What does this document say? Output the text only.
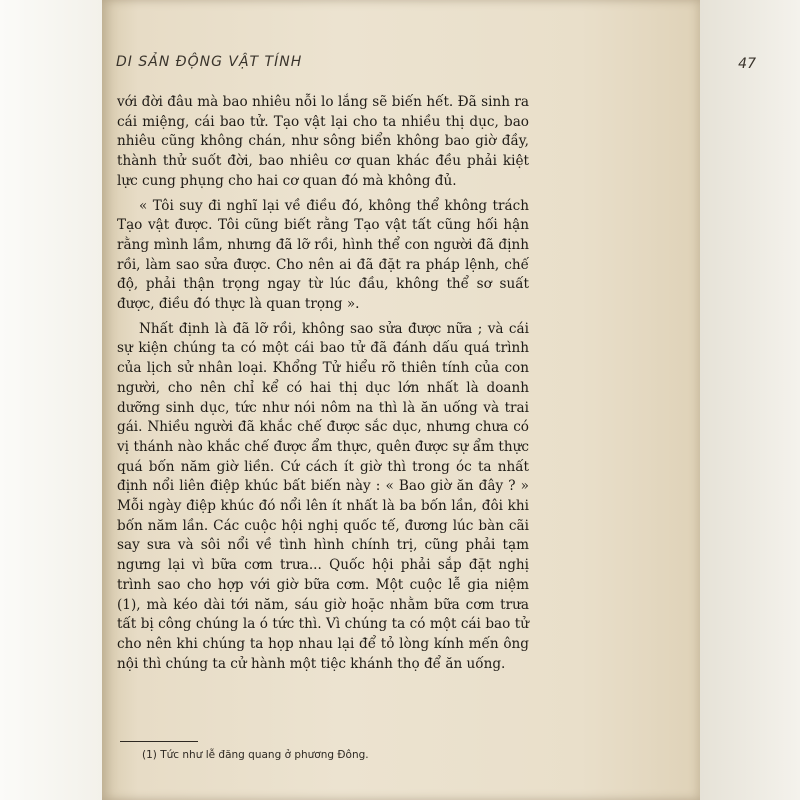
DI SẢN ĐỘNG VẬT TÍNH	47

với đời đâu mà bao nhiêu nỗi lo lắng sẽ biến hết. Đã sinh ra cái miệng, cái bao tử. Tạo vật lại cho ta nhiều thị dục, bao nhiêu cũng không chán, như sông biển không bao giờ đầy, thành thử suốt đời, bao nhiêu cơ quan khác đều phải kiệt lực cung phụng cho hai cơ quan đó mà không đủ.

« Tôi suy đi nghĩ lại về điều đó, không thể không trách Tạo vật được. Tôi cũng biết rằng Tạo vật tất cũng hối hận rằng mình lầm, nhưng đã lỡ rồi, hình thể con người đã định rồi, làm sao sửa được. Cho nên ai đã đặt ra pháp lệnh, chế độ, phải thận trọng ngay từ lúc đầu, không thể sơ suất được, điều đó thực là quan trọng ».

Nhất định là đã lỡ rồi, không sao sửa được nữa ; và cái sự kiện chúng ta có một cái bao tử đã đánh dấu quá trình của lịch sử nhân loại. Khổng Tử hiểu rõ thiên tính của con người, cho nên chỉ kể có hai thị dục lớn nhất là doanh dưỡng sinh dục, tức như nói nôm na thì là ăn uống và trai gái. Nhiều người đã khắc chế được sắc dục, nhưng chưa có vị thánh nào khắc chế được ẩm thực, quên được sự ẩm thực quá bốn năm giờ liền. Cứ cách ít giờ thì trong óc ta nhất định nổi liên điệp khúc bất biến này : « Bao giờ ăn đây ? » Mỗi ngày điệp khúc đó nổi lên ít nhất là ba bốn lần, đôi khi bốn năm lần. Các cuộc hội nghị quốc tế, đương lúc bàn cãi say sưa và sôi nổi về tình hình chính trị, cũng phải tạm ngưng lại vì bữa cơm trưa... Quốc hội phải sắp đặt nghị trình sao cho hợp với giờ bữa cơm. Một cuộc lễ gia niệm (1), mà kéo dài tới năm, sáu giờ hoặc nhằm bữa cơm trưa tất bị công chúng la ó tức thì. Vì chúng ta có một cái bao tử cho nên khi chúng ta họp nhau lại để tỏ lòng kính mến ông nội thì chúng ta cử hành một tiệc khánh thọ để ăn uống.

(1) Tức như lễ đăng quang ở phương Đông.
